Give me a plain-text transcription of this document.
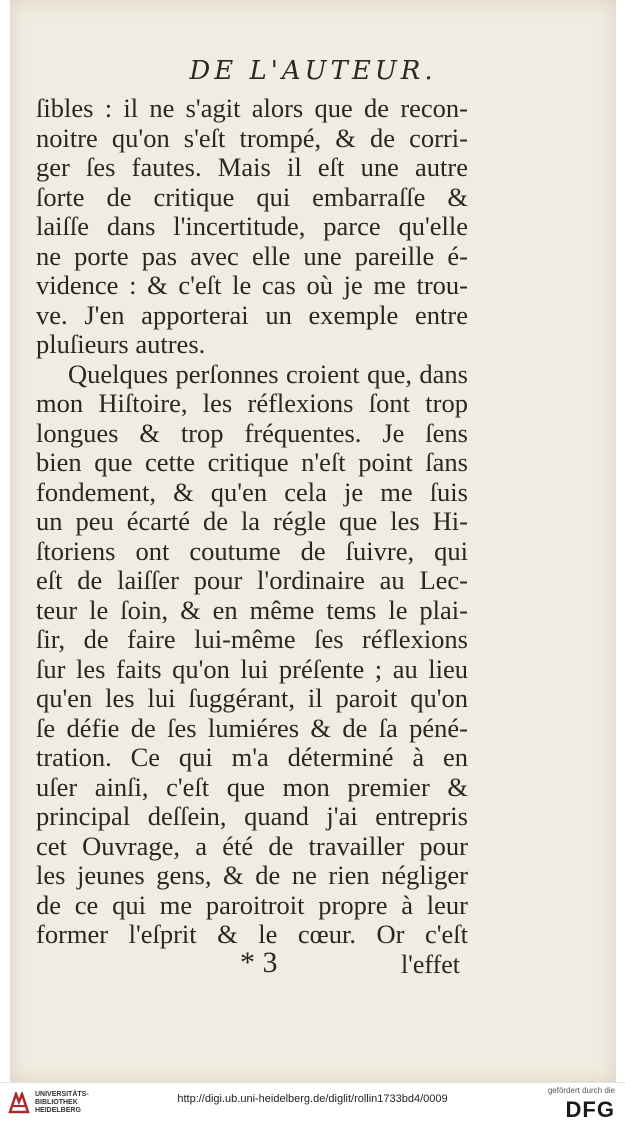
DE L'AUTEUR.
ſibles : il ne s'agit alors que de recon-
noitre qu'on s'eſt trompé, & de corri-
ger ſes fautes. Mais il eſt une autre
ſorte de critique qui embarraſſe &
laiſſe dans l'incertitude, parce qu'elle
ne porte pas avec elle une pareille é-
vidence : & c'eſt le cas où je me trou-
ve. J'en apporterai un exemple entre
pluſieurs autres.
Quelques perſonnes croient que, dans
mon Hiſtoire, les réflexions ſont trop
longues & trop fréquentes. Je ſens
bien que cette critique n'eſt point ſans
fondement, & qu'en cela je me ſuis
un peu écarté de la régle que les Hi-
ſtoriens ont coutume de ſuivre, qui
eſt de laiſſer pour l'ordinaire au Lec-
teur le ſoin, & en même tems le plai-
ſir, de faire lui-même ſes réflexions
ſur les faits qu'on lui préſente ; au lieu
qu'en les lui ſuggérant, il paroit qu'on
ſe défie de ſes lumiéres & de ſa péné-
tration. Ce qui m'a déterminé à en
uſer ainſi, c'eſt que mon premier &
principal deſſein, quand j'ai entrepris
cet Ouvrage, a été de travailler pour
les jeunes gens, & de ne rien négliger
de ce qui me paroitroit propre à leur
former l'eſprit & le cœur. Or c'eſt
* 3	l'effet
UNIVERSITÄTS-
BIBLIOTHEK
HEIDELBERG
http://digi.ub.uni-heidelberg.de/diglit/rollin1733bd4/0009
gefördert durch die
DFG
